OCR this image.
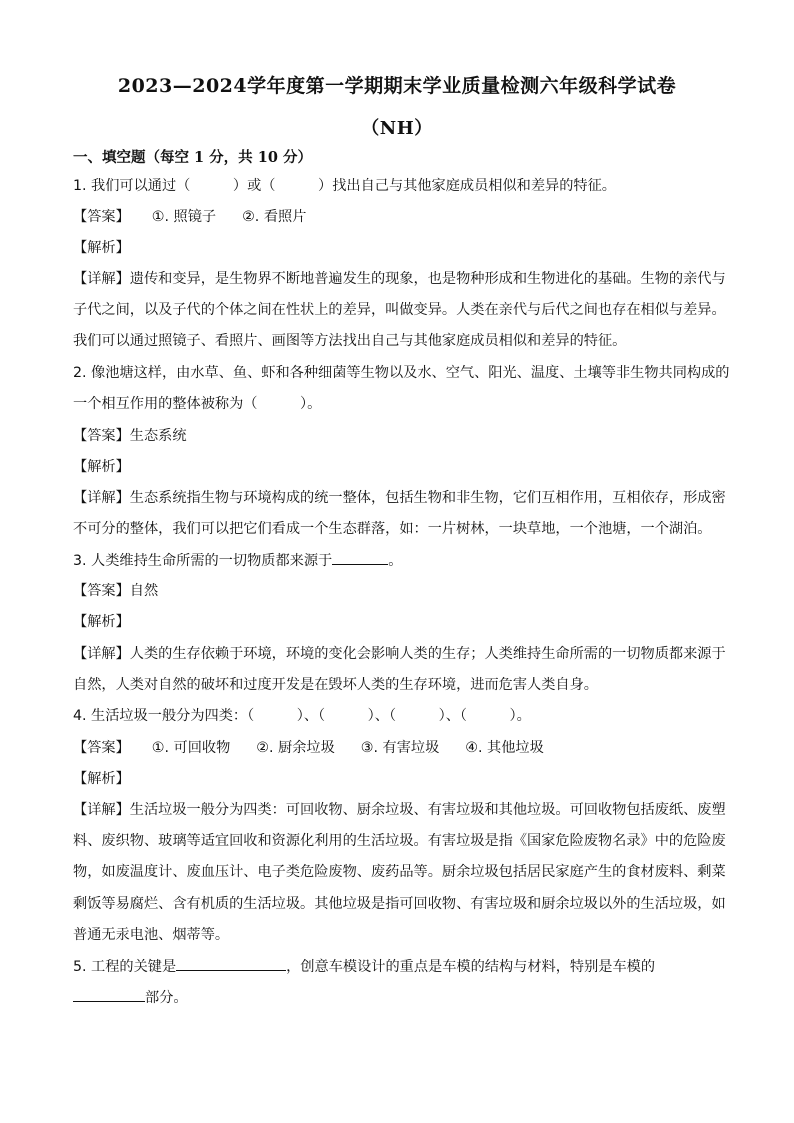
2023—2024学年度第一学期期末学业质量检测六年级科学试卷
（NH）
一、填空题（每空 1 分，共 10 分）
1. 我们可以通过（　　　）或（　　　）找出自己与其他家庭成员相似和差异的特征。
【答案】 ①. 照镜子 ②. 看照片
【解析】
【详解】遗传和变异，是生物界不断地普遍发生的现象，也是物种形成和生物进化的基础。生物的亲代与
子代之间，以及子代的个体之间在性状上的差异，叫做变异。人类在亲代与后代之间也存在相似与差异。
我们可以通过照镜子、看照片、画图等方法找出自己与其他家庭成员相似和差异的特征。
2. 像池塘这样，由水草、鱼、虾和各种细菌等生物以及水、空气、阳光、温度、土壤等非生物共同构成的
一个相互作用的整体被称为（　　　）。
【答案】生态系统
【解析】
【详解】生态系统指生物与环境构成的统一整体，包括生物和非生物，它们互相作用，互相依存，形成密
不可分的整体，我们可以把它们看成一个生态群落，如：一片树林，一块草地，一个池塘，一个湖泊。
3. 人类维持生命所需的一切物质都来源于	。
【答案】自然
【解析】
【详解】人类的生存依赖于环境，环境的变化会影响人类的生存；人类维持生命所需的一切物质都来源于
自然，人类对自然的破坏和过度开发是在毁坏人类的生存环境，进而危害人类自身。
4. 生活垃圾一般分为四类：（　　　）、（　　　）、（　　　）、（　　　）。
【答案】 ①. 可回收物 ②. 厨余垃圾 ③. 有害垃圾 ④. 其他垃圾
【解析】
【详解】生活垃圾一般分为四类：可回收物、厨余垃圾、有害垃圾和其他垃圾。可回收物包括废纸、废塑
料、废织物、玻璃等适宜回收和资源化利用的生活垃圾。有害垃圾是指《国家危险废物名录》中的危险废
物，如废温度计、废血压计、电子类危险废物、废药品等。厨余垃圾包括居民家庭产生的食材废料、剩菜
剩饭等易腐烂、含有机质的生活垃圾。其他垃圾是指可回收物、有害垃圾和厨余垃圾以外的生活垃圾，如
普通无汞电池、烟蒂等。
5. 工程的关键是	，创意车模设计的重点是车模的结构与材料，特别是车模的
部分。
